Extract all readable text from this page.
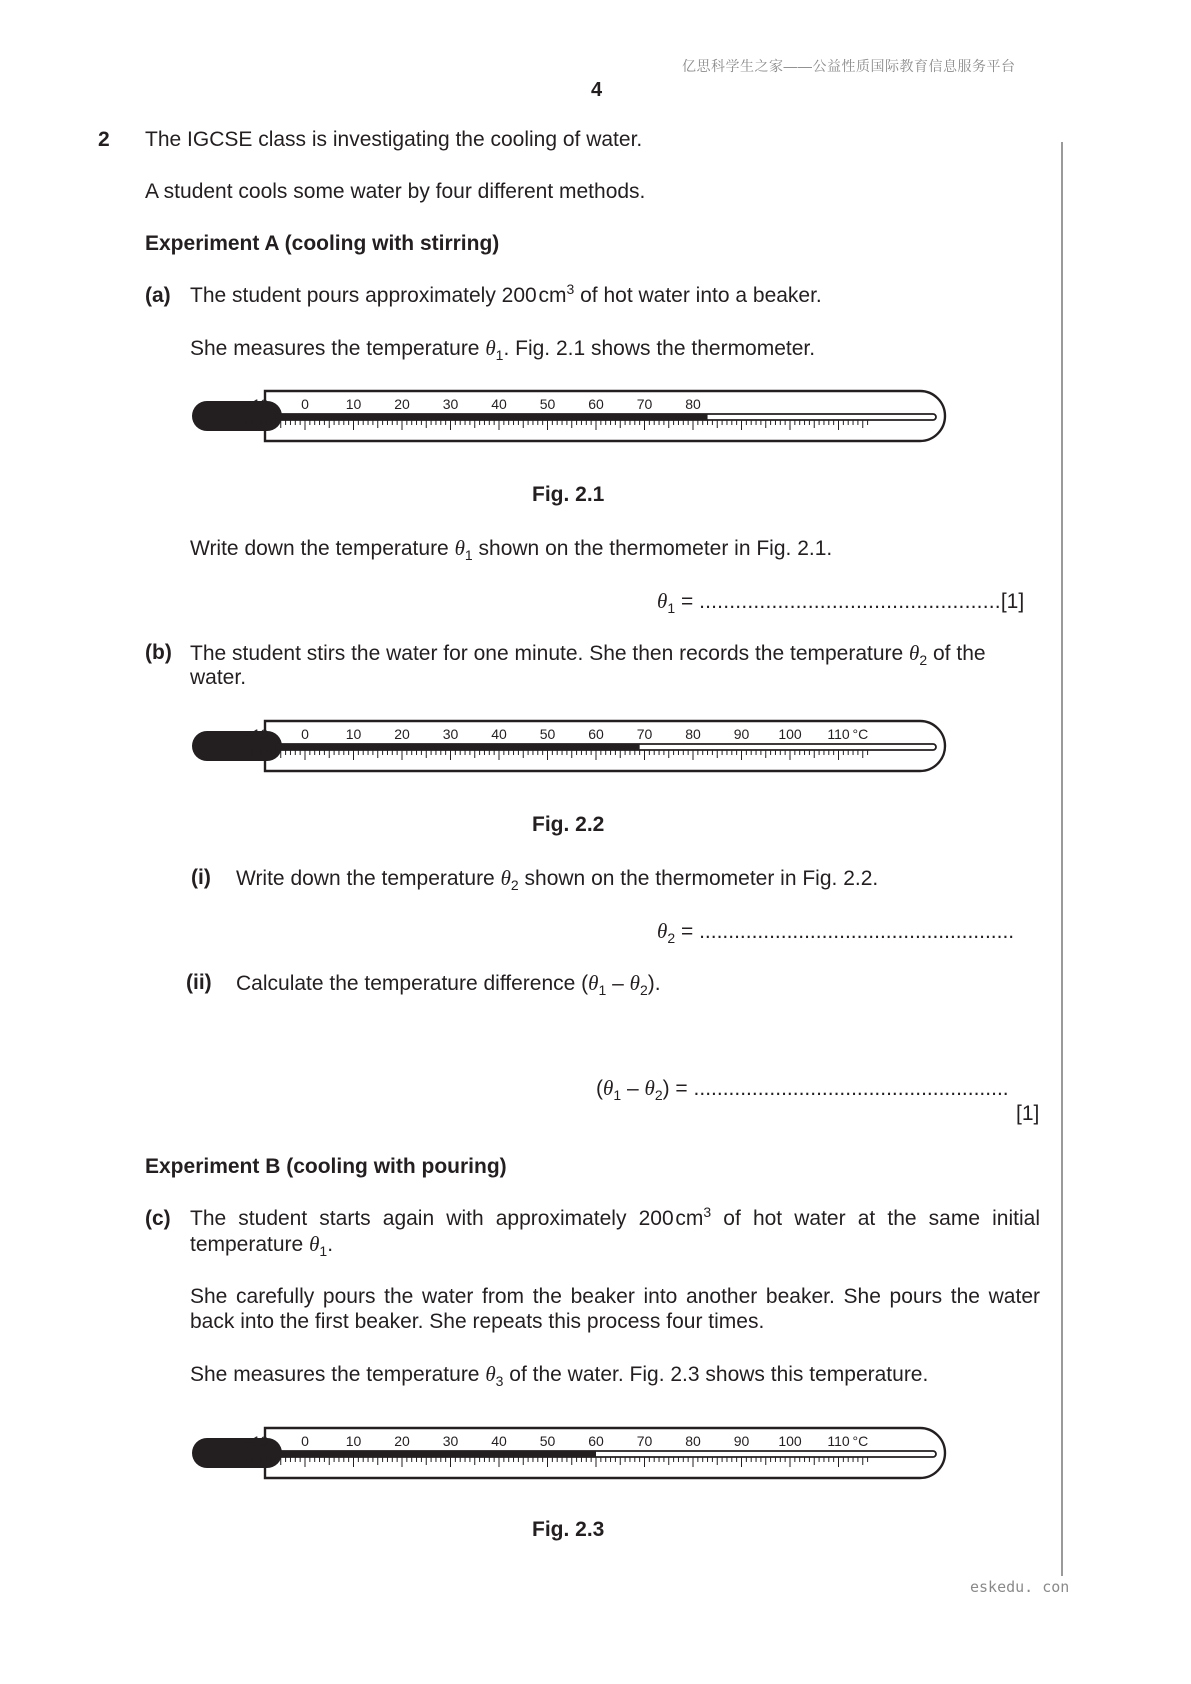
亿思科学生之家——公益性质国际教育信息服务平台
4
2 The IGCSE class is investigating the cooling of water.
A student cools some water by four different methods.
Experiment A (cooling with stirring)
(a) The student pours approximately 200 $cm^3$ of hot water into a beaker.
She measures the temperature $\theta_1$. Fig. 2.1 shows the thermometer.
–10 0	10 20 30 40 50 60 70 80
Fig. 2.1
Write down the temperature $\theta_1$ shown on the thermometer in Fig. 2.1.
$\theta_1 = ..................................................[1]$
(b) The student stirs the water for one minute. She then records the temperature $\theta_2$ of the
water.
–10 0	10 20 30 40 50 60 70 80 90 100 110 °C
Fig. 2.2
(i) Write down the temperature $\theta_2$ shown on the thermometer in Fig. 2.2.
$\theta_2$ = ......................................................
(ii) Calculate the temperature difference $(\theta_1 - \theta_2)$.
$(\theta_1 - \theta_2)$ = ......................................................
[1]
Experiment B (cooling with pouring)
(c) The student starts again with approximately 200 $cm^3$ of hot water at the same initial
temperature $\theta_1$.
She carefully pours the water from the beaker into another beaker. She pours the water
back into the first beaker. She repeats this process four times.
She measures the temperature $\theta_3$ of the water. Fig. 2.3 shows this temperature.
–10 0	10 20 30 40 50 60 70 80 90 100 110 °C
Fig. 2.3
eskedu. con
